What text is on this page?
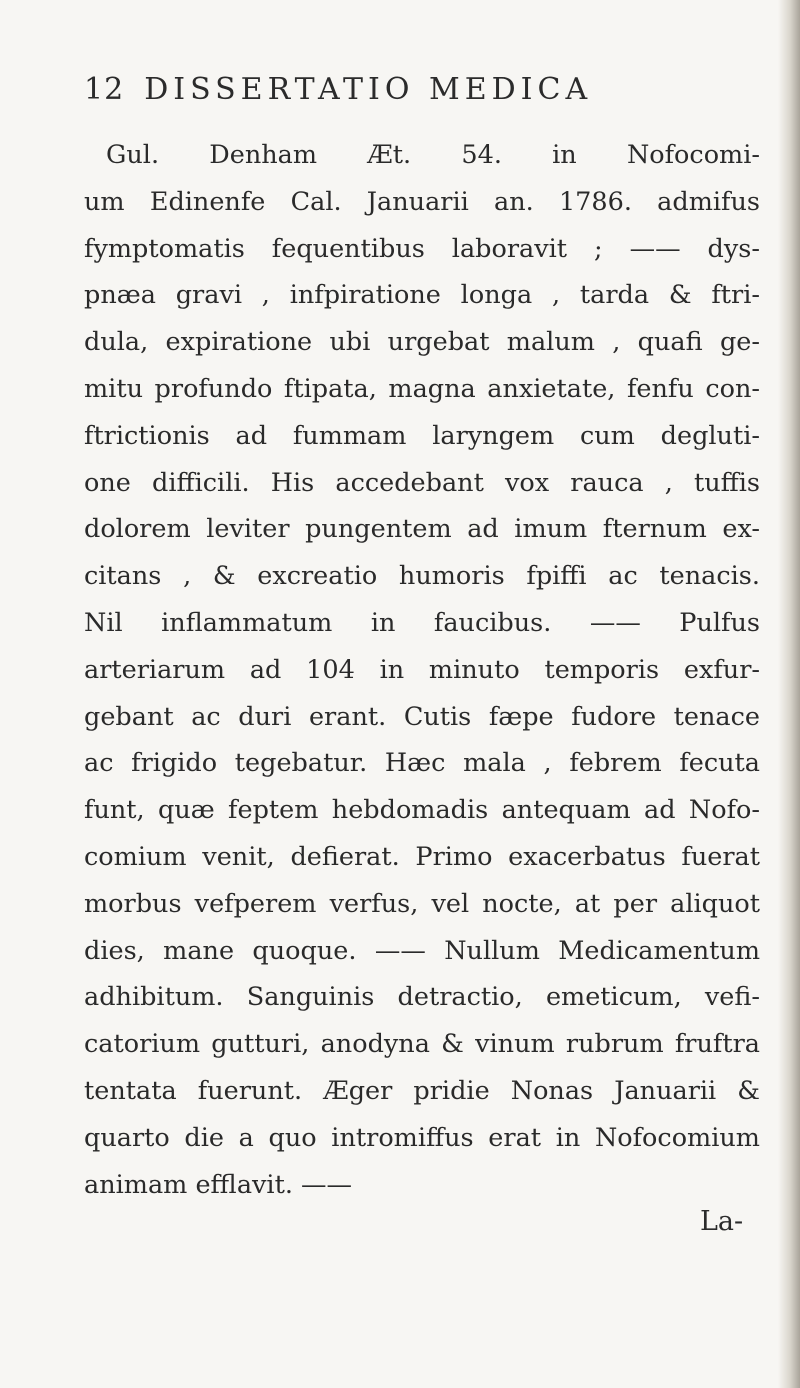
12 DISSERTATIO MEDICA
Gul. Denham Æt. 54. in Nofocomi-
um Edinenfe Cal. Januarii an. 1786. admifus
fymptomatis fequentibus laboravit ; —— dys-
pnæa gravi , infpiratione longa , tarda & ftri-
dula, expiratione ubi urgebat malum , quafi ge-
mitu profundo ftipata, magna anxietate, fenfu con-
ftrictionis ad fummam laryngem cum degluti-
one difficili. His accedebant vox rauca , tuffis
dolorem leviter pungentem ad imum fternum ex-
citans , & excreatio humoris fpiffi ac tenacis.
Nil inflammatum in faucibus. —— Pulfus
arteriarum ad 104 in minuto temporis exfur-
gebant ac duri erant. Cutis fæpe fudore tenace
ac frigido tegebatur. Hæc mala , febrem fecuta
funt, quæ feptem hebdomadis antequam ad Nofo-
comium venit, defierat. Primo exacerbatus fuerat
morbus vefperem verfus, vel nocte, at per aliquot
dies, mane quoque. —— Nullum Medicamentum
adhibitum. Sanguinis detractio, emeticum, vefi-
catorium gutturi, anodyna & vinum rubrum fruftra
tentata fuerunt. Æger pridie Nonas Januarii &
quarto die a quo intromiffus erat in Nofocomium
animam efflavit. ——
La-
